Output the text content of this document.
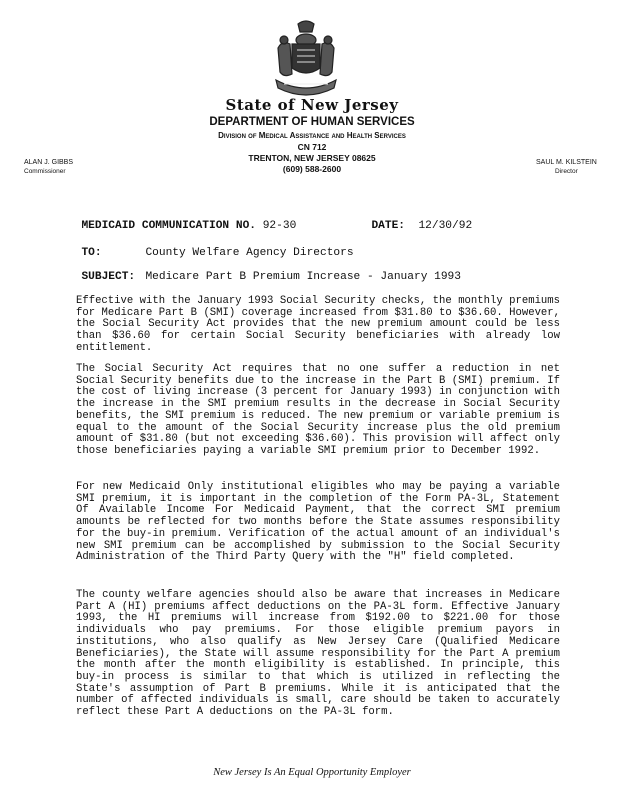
State of New Jersey
DEPARTMENT OF HUMAN SERVICES
Division of Medical Assistance and Health Services
CN 712
TRENTON, NEW JERSEY 08625
(609) 588-2600
ALAN J. GIBBS
Commissioner
SAUL M. KILSTEIN
Director

MEDICAID COMMUNICATION NO. 92-30	DATE: 12/30/92

TO:	County Welfare Agency Directors

SUBJECT: Medicare Part B Premium Increase - January 1993

Effective with the January 1993 Social Security checks, the monthly premiums for Medicare Part B (SMI) coverage increased from $31.80 to $36.60. However, the Social Security Act provides that the new premium amount could be less than $36.60 for certain Social Security beneficiaries with already low entitlement.

The Social Security Act requires that no one suffer a reduction in net Social Security benefits due to the increase in the Part B (SMI) premium. If the cost of living increase (3 percent for January 1993) in conjunction with the increase in the SMI premium results in the decrease in Social Security benefits, the SMI premium is reduced. The new premium or variable premium is equal to the amount of the Social Security increase plus the old premium amount of $31.80 (but not exceeding $36.60). This provision will affect only those beneficiaries paying a variable SMI premium prior to December 1992.

For new Medicaid Only institutional eligibles who may be paying a variable SMI premium, it is important in the completion of the Form PA-3L, Statement Of Available Income For Medicaid Payment, that the correct SMI premium amounts be reflected for two months before the State assumes responsibility for the buy-in premium. Verification of the actual amount of an individual's new SMI premium can be accomplished by submission to the Social Security Administration of the Third Party Query with the "H" field completed.

The county welfare agencies should also be aware that increases in Medicare Part A (HI) premiums affect deductions on the PA-3L form. Effective January 1993, the HI premiums will increase from $192.00 to $221.00 for those individuals who pay premiums. For those eligible premium payors in institutions, who also qualify as New Jersey Care (Qualified Medicare Beneficiaries), the State will assume responsibility for the Part A premium the month after the month eligibility is established. In principle, this buy-in process is similar to that which is utilized in reflecting the State's assumption of Part B premiums. While it is anticipated that the number of affected individuals is small, care should be taken to accurately reflect these Part A deductions on the PA-3L form.

New Jersey Is An Equal Opportunity Employer
